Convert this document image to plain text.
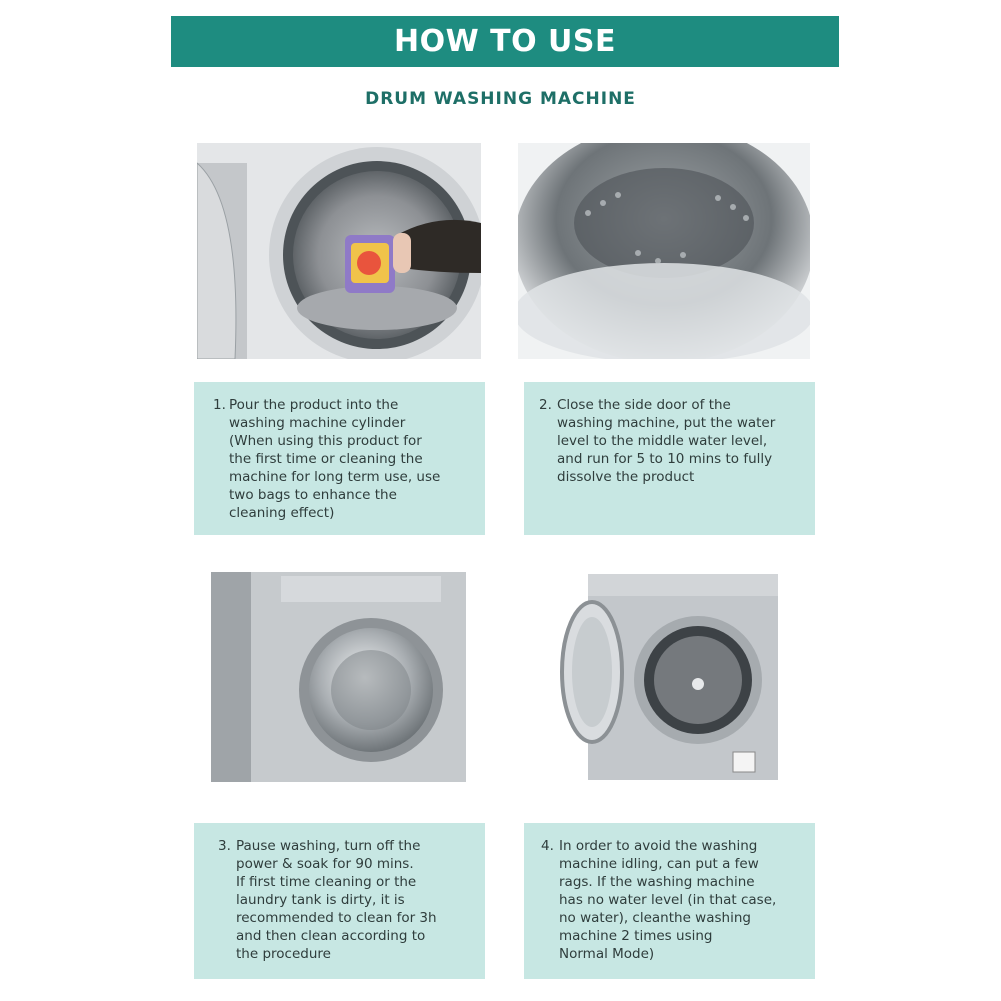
HOW TO USE
DRUM WASHING MACHINE
1. Pour the product into the
washing machine cylinder
(When using this product for
the first time or cleaning the
machine for long term use, use
two bags to enhance the
cleaning effect)
2. Close the side door of the
washing machine, put the water
level to the middle water level,
and run for 5 to 10 mins to fully
dissolve the product
3. Pause washing, turn off the
power & soak for 90 mins.
If first time cleaning or the
laundry tank is dirty, it is
recommended to clean for 3h
and then clean according to
the procedure
4. In order to avoid the washing
machine idling, can put a few
rags. If the washing machine
has no water level (in that case,
no water), cleanthe washing
machine 2 times using
Normal Mode)
